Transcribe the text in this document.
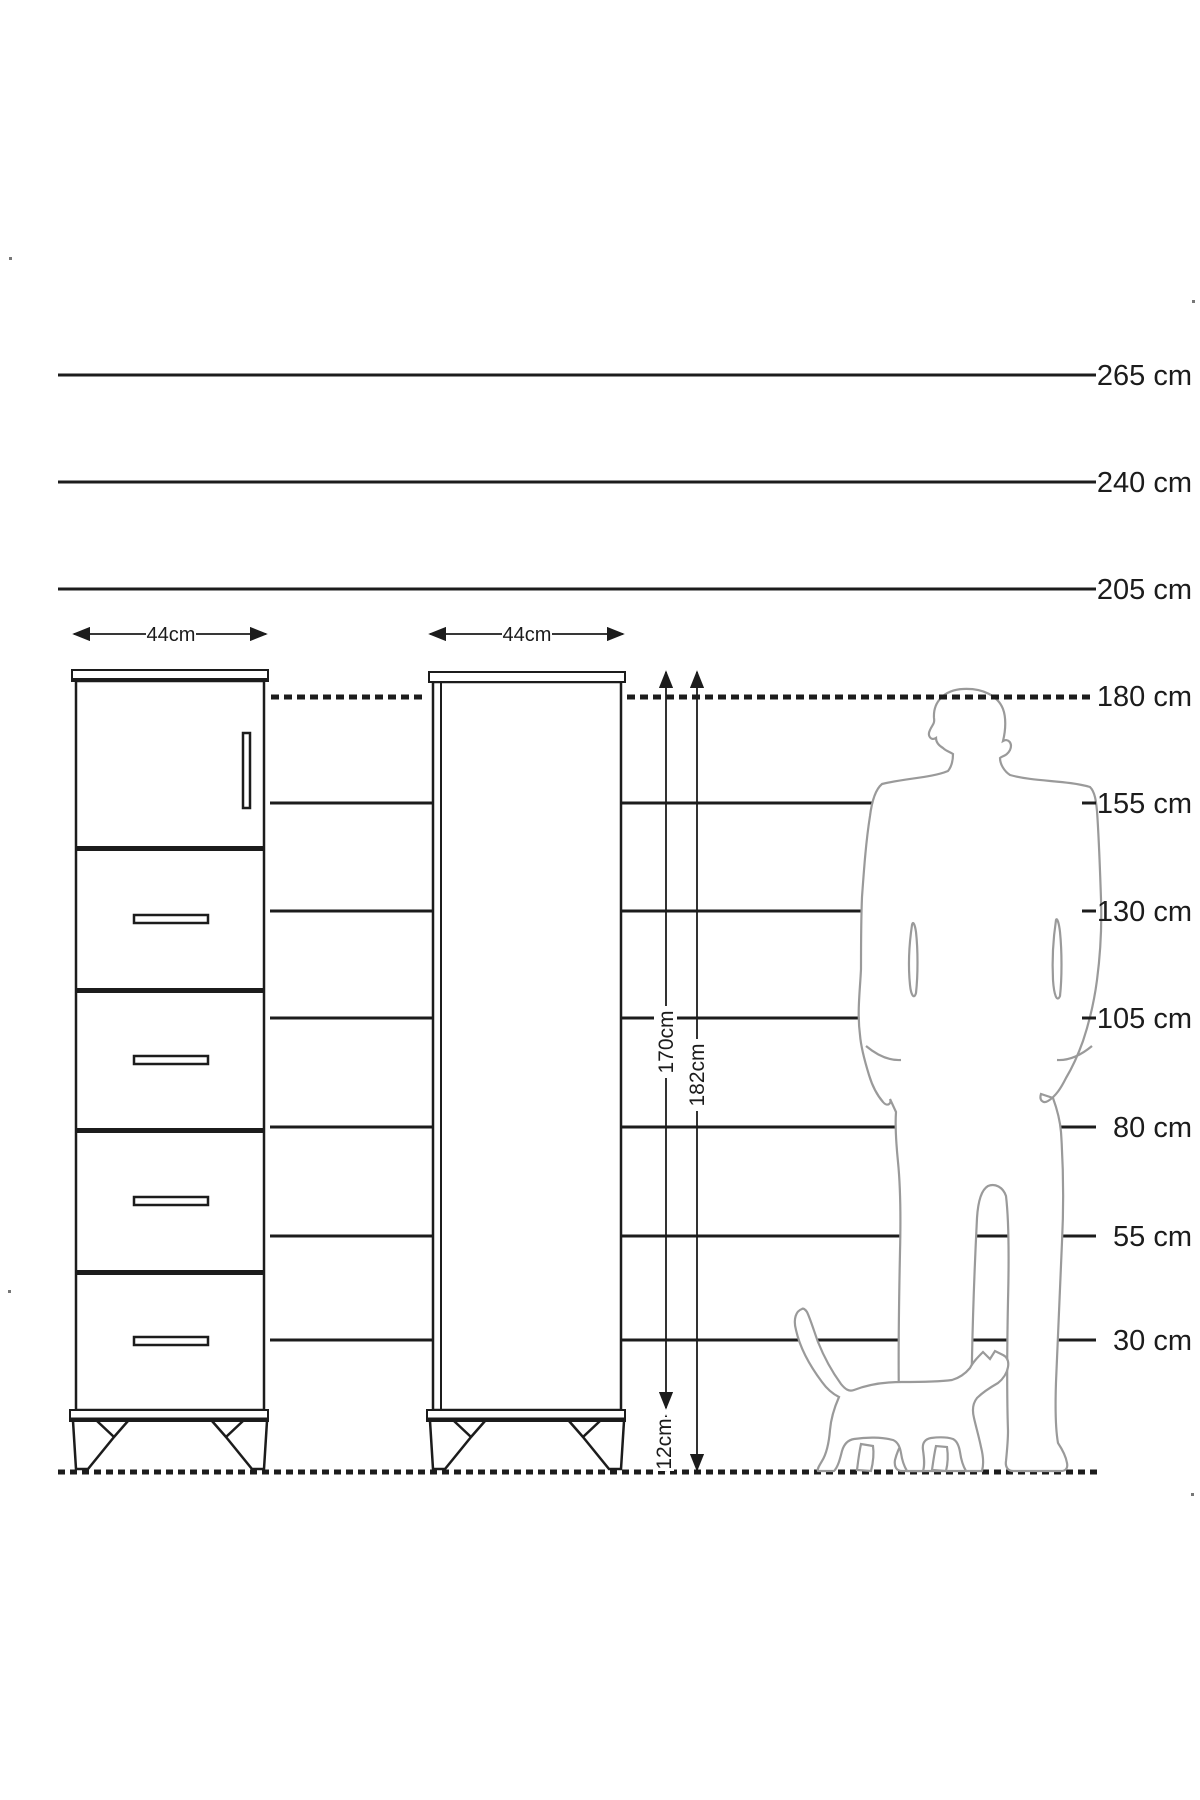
44cm	44cm
170cm
182cm
12cm
265 cm
240 cm
205 cm
180 cm
155 cm
130 cm
105 cm
80 cm
55 cm
30 cm
